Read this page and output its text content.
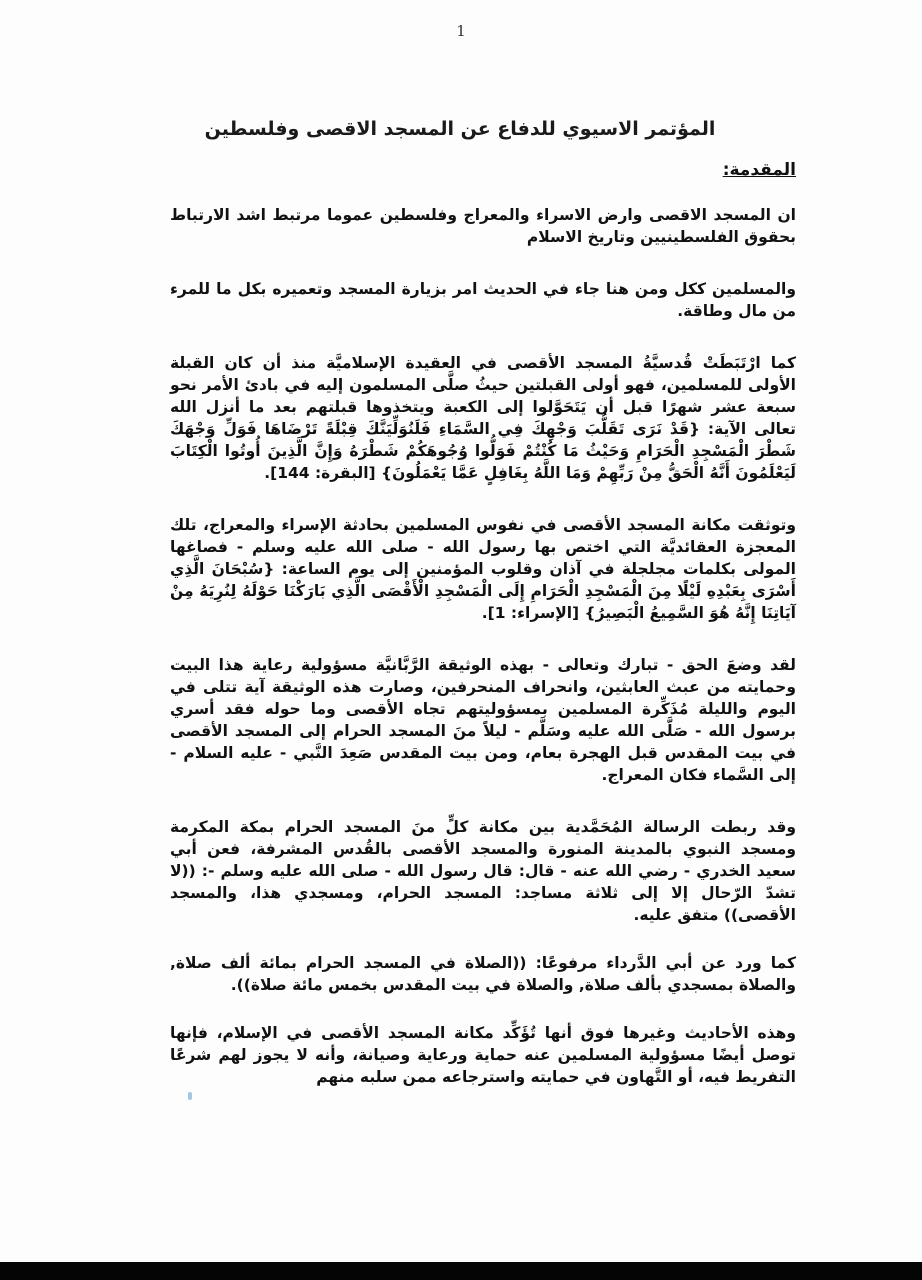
1
المؤتمر الاسيوي للدفاع عن المسجد الاقصى وفلسطين
المقدمة:

ان المسجد الاقصى وارض الاسراء والمعراج وفلسطين عموما مرتبط اشد الارتباط بحقوق الفلسطينيين وتاريخ الاسلام

والمسلمين ككل ومن هنا جاء في الحديث امر بزيارة المسجد وتعميره بكل ما للمرء من مال وطاقة.

كما ارْتَبَطَتْ قُدسيَّةُ المسجد الأقصى في العقيدة الإسلاميَّة منذ أن كان القبلة الأولى للمسلمين، فهو أولى القبلتين حيثُ صلَّى المسلمون إليه في بادئ الأمر نحو سبعة عشر شهرًا قبل أن يَتَحَوَّلوا إلى الكعبة ويتخذوها قبلتهم بعد ما أنزل الله تعالى الآية: {قَدْ نَرَى تَقَلُّبَ وَجْهِكَ فِي السَّمَاءِ فَلَنُوَلِّيَنَّكَ قِبْلَةً تَرْضَاهَا فَوَلِّ وَجْهَكَ شَطْرَ الْمَسْجِدِ الْحَرَامِ وَحَيْثُ مَا كُنْتُمْ فَوَلُّوا وُجُوهَكُمْ شَطْرَهُ وَإِنَّ الَّذِينَ أُوتُوا الْكِتَابَ لَيَعْلَمُونَ أَنَّهُ الْحَقُّ مِنْ رَبِّهِمْ وَمَا اللَّهُ بِغَافِلٍ عَمَّا يَعْمَلُونَ} [البقرة: 144].

وتوثقت مكانة المسجد الأقصى في نفوس المسلمين بحادثة الإسراء والمعراج، تلك المعجزة العقائديَّة التي اختص بها رسول الله - صلى الله عليه وسلم - فصاغها المولى بكلمات مجلجلة في آذان وقلوب المؤمنين إلى يوم الساعة: {سُبْحَانَ الَّذِي أَسْرَى بِعَبْدِهِ لَيْلًا مِنَ الْمَسْجِدِ الْحَرَامِ إِلَى الْمَسْجِدِ الْأَقْصَى الَّذِي بَارَكْنَا حَوْلَهُ لِنُرِيَهُ مِنْ آيَاتِنَا إِنَّهُ هُوَ السَّمِيعُ الْبَصِيرُ} [الإسراء: 1].

لقد وضعَ الحق - تبارك وتعالى - بهذه الوثيقة الرَّبَّانيَّة مسؤولية رعاية هذا البيت وحمايته من عبث العابثين، وانحراف المنحرفين، وصارت هذه الوثيقة آية تتلى في اليوم والليلة مُذَكِّرة المسلمين بمسؤوليتهم تجاه الأقصى وما حوله فقد أسري برسول الله - صَلَّى الله عليه وسَلَّم - ليلاً منَ المسجد الحرام إلى المسجد الأقصى في بيت المقدس قبل الهجرة بعام، ومن بيت المقدس صَعِدَ النَّبي - عليه السلام - إلى السَّماء فكان المعراج.

وقد ربطت الرسالة المُحَمَّدية بين مكانة كلٍّ منَ المسجد الحرام بمكة المكرمة ومسجد النبوي بالمدينة المنورة والمسجد الأقصى بالقُدس المشرفة، فعن أبي سعيد الخدري - رضي الله عنه - قال: قال رسول الله - صلى الله عليه وسلم -: ((لا تشدّ الرّحال إلا إلى ثلاثة مساجد: المسجد الحرام، ومسجدي هذا، والمسجد الأقصى)) متفق عليه.

كما ورد عن أبي الدَّرداء مرفوعًا: ((الصلاة في المسجد الحرام بمائة ألف صلاة, والصلاة بمسجدي بألف صلاة, والصلاة في بيت المقدس بخمس مائة صلاة)).

وهذه الأحاديث وغيرها فوق أنها تُؤَكِّد مكانة المسجد الأقصى في الإسلام، فإنها توصل أيضًا مسؤولية المسلمين عنه حماية ورعاية وصيانة، وأنه لا يجوز لهم شرعًا التفريط فيه، أو التَّهاون في حمايته واسترجاعه ممن سلبه منهم
